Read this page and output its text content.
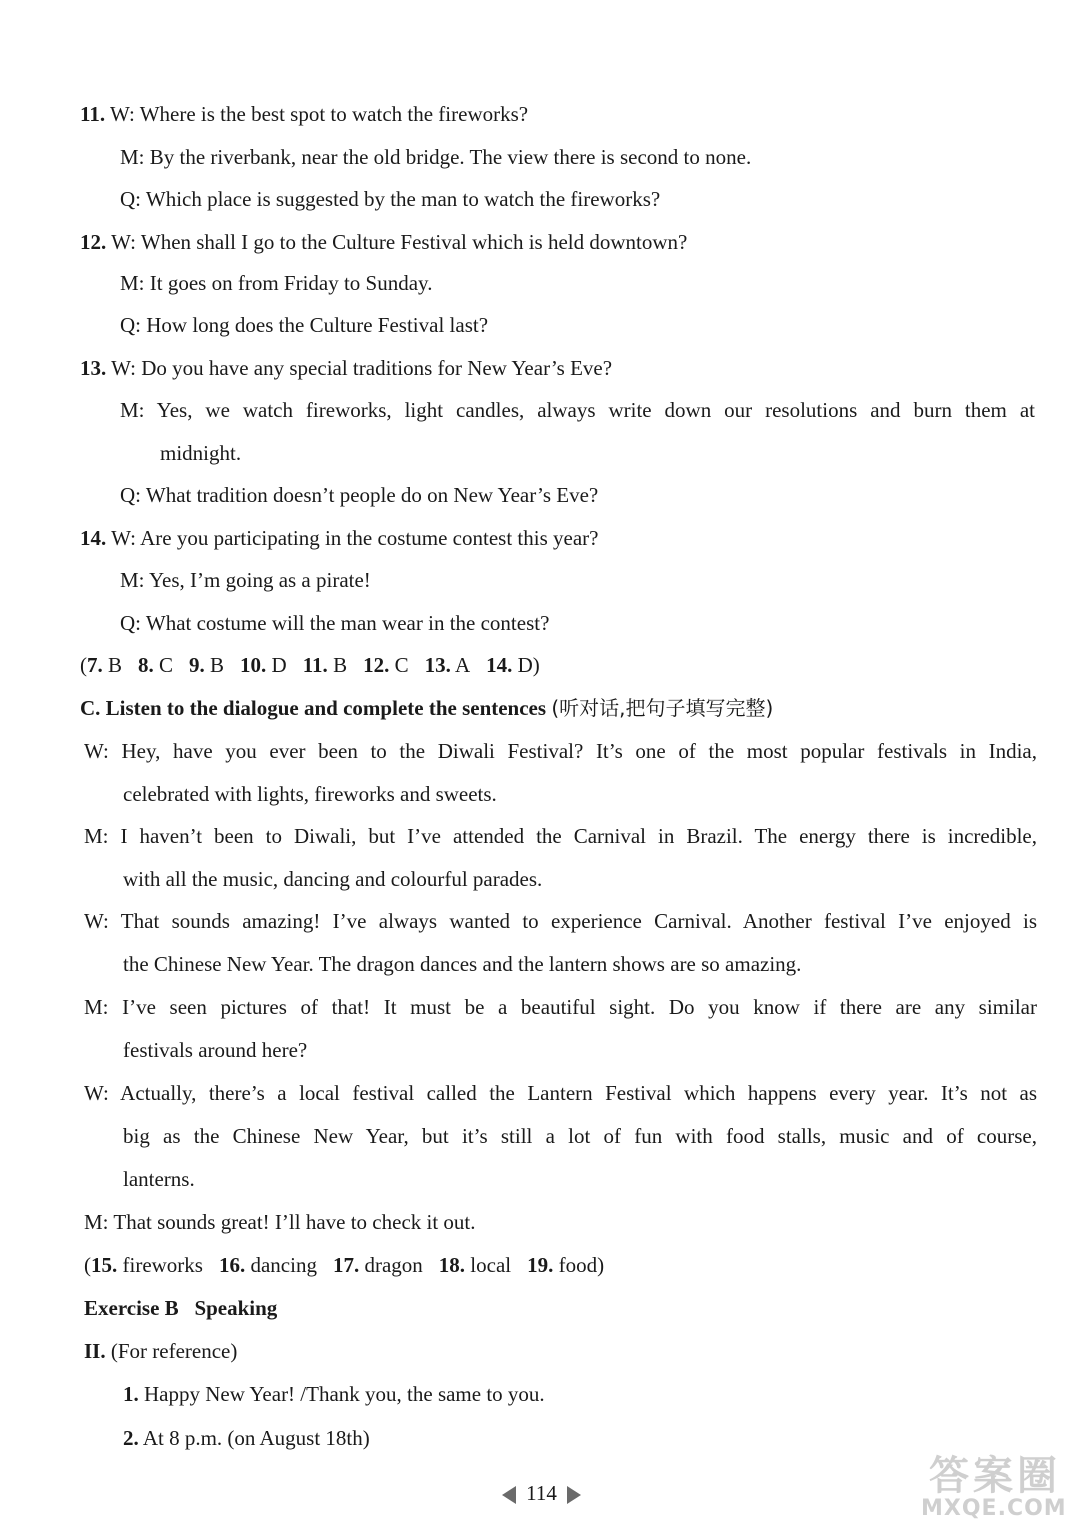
11. W: Where is the best spot to watch the fireworks?
M: By the riverbank, near the old bridge. The view there is second to none.
Q: Which place is suggested by the man to watch the fireworks?
12. W: When shall I go to the Culture Festival which is held downtown?
M: It goes on from Friday to Sunday.
Q: How long does the Culture Festival last?
13. W: Do you have any special traditions for New Year’s Eve?
M: Yes, we watch fireworks, light candles, always write down our resolutions and burn them at
midnight.
Q: What tradition doesn’t people do on New Year’s Eve?
14. W: Are you participating in the costume contest this year?
M: Yes, I’m going as a pirate!
Q: What costume will the man wear in the contest?
(7. B 8. C 9. B 10. D 11. B 12. C 13. A 14. D)
C. Listen to the dialogue and complete the sentences (听对话,把句子填写完整)
W: Hey, have you ever been to the Diwali Festival? It’s one of the most popular festivals in India,
celebrated with lights, fireworks and sweets.
M: I haven’t been to Diwali, but I’ve attended the Carnival in Brazil. The energy there is incredible,
with all the music, dancing and colourful parades.
W: That sounds amazing! I’ve always wanted to experience Carnival. Another festival I’ve enjoyed is
the Chinese New Year. The dragon dances and the lantern shows are so amazing.
M: I’ve seen pictures of that! It must be a beautiful sight. Do you know if there are any similar
festivals around here?
W: Actually, there’s a local festival called the Lantern Festival which happens every year. It’s not as
big as the Chinese New Year, but it’s still a lot of fun with food stalls, music and of course,
lanterns.
M: That sounds great! I’ll have to check it out.
(15. fireworks 16. dancing 17. dragon 18. local 19. food)
Exercise B Speaking
II. (For reference)
1. Happy New Year! /Thank you, the same to you.
2. At 8 p.m. (on August 18th)
114	答案圈
MXQE.COM
